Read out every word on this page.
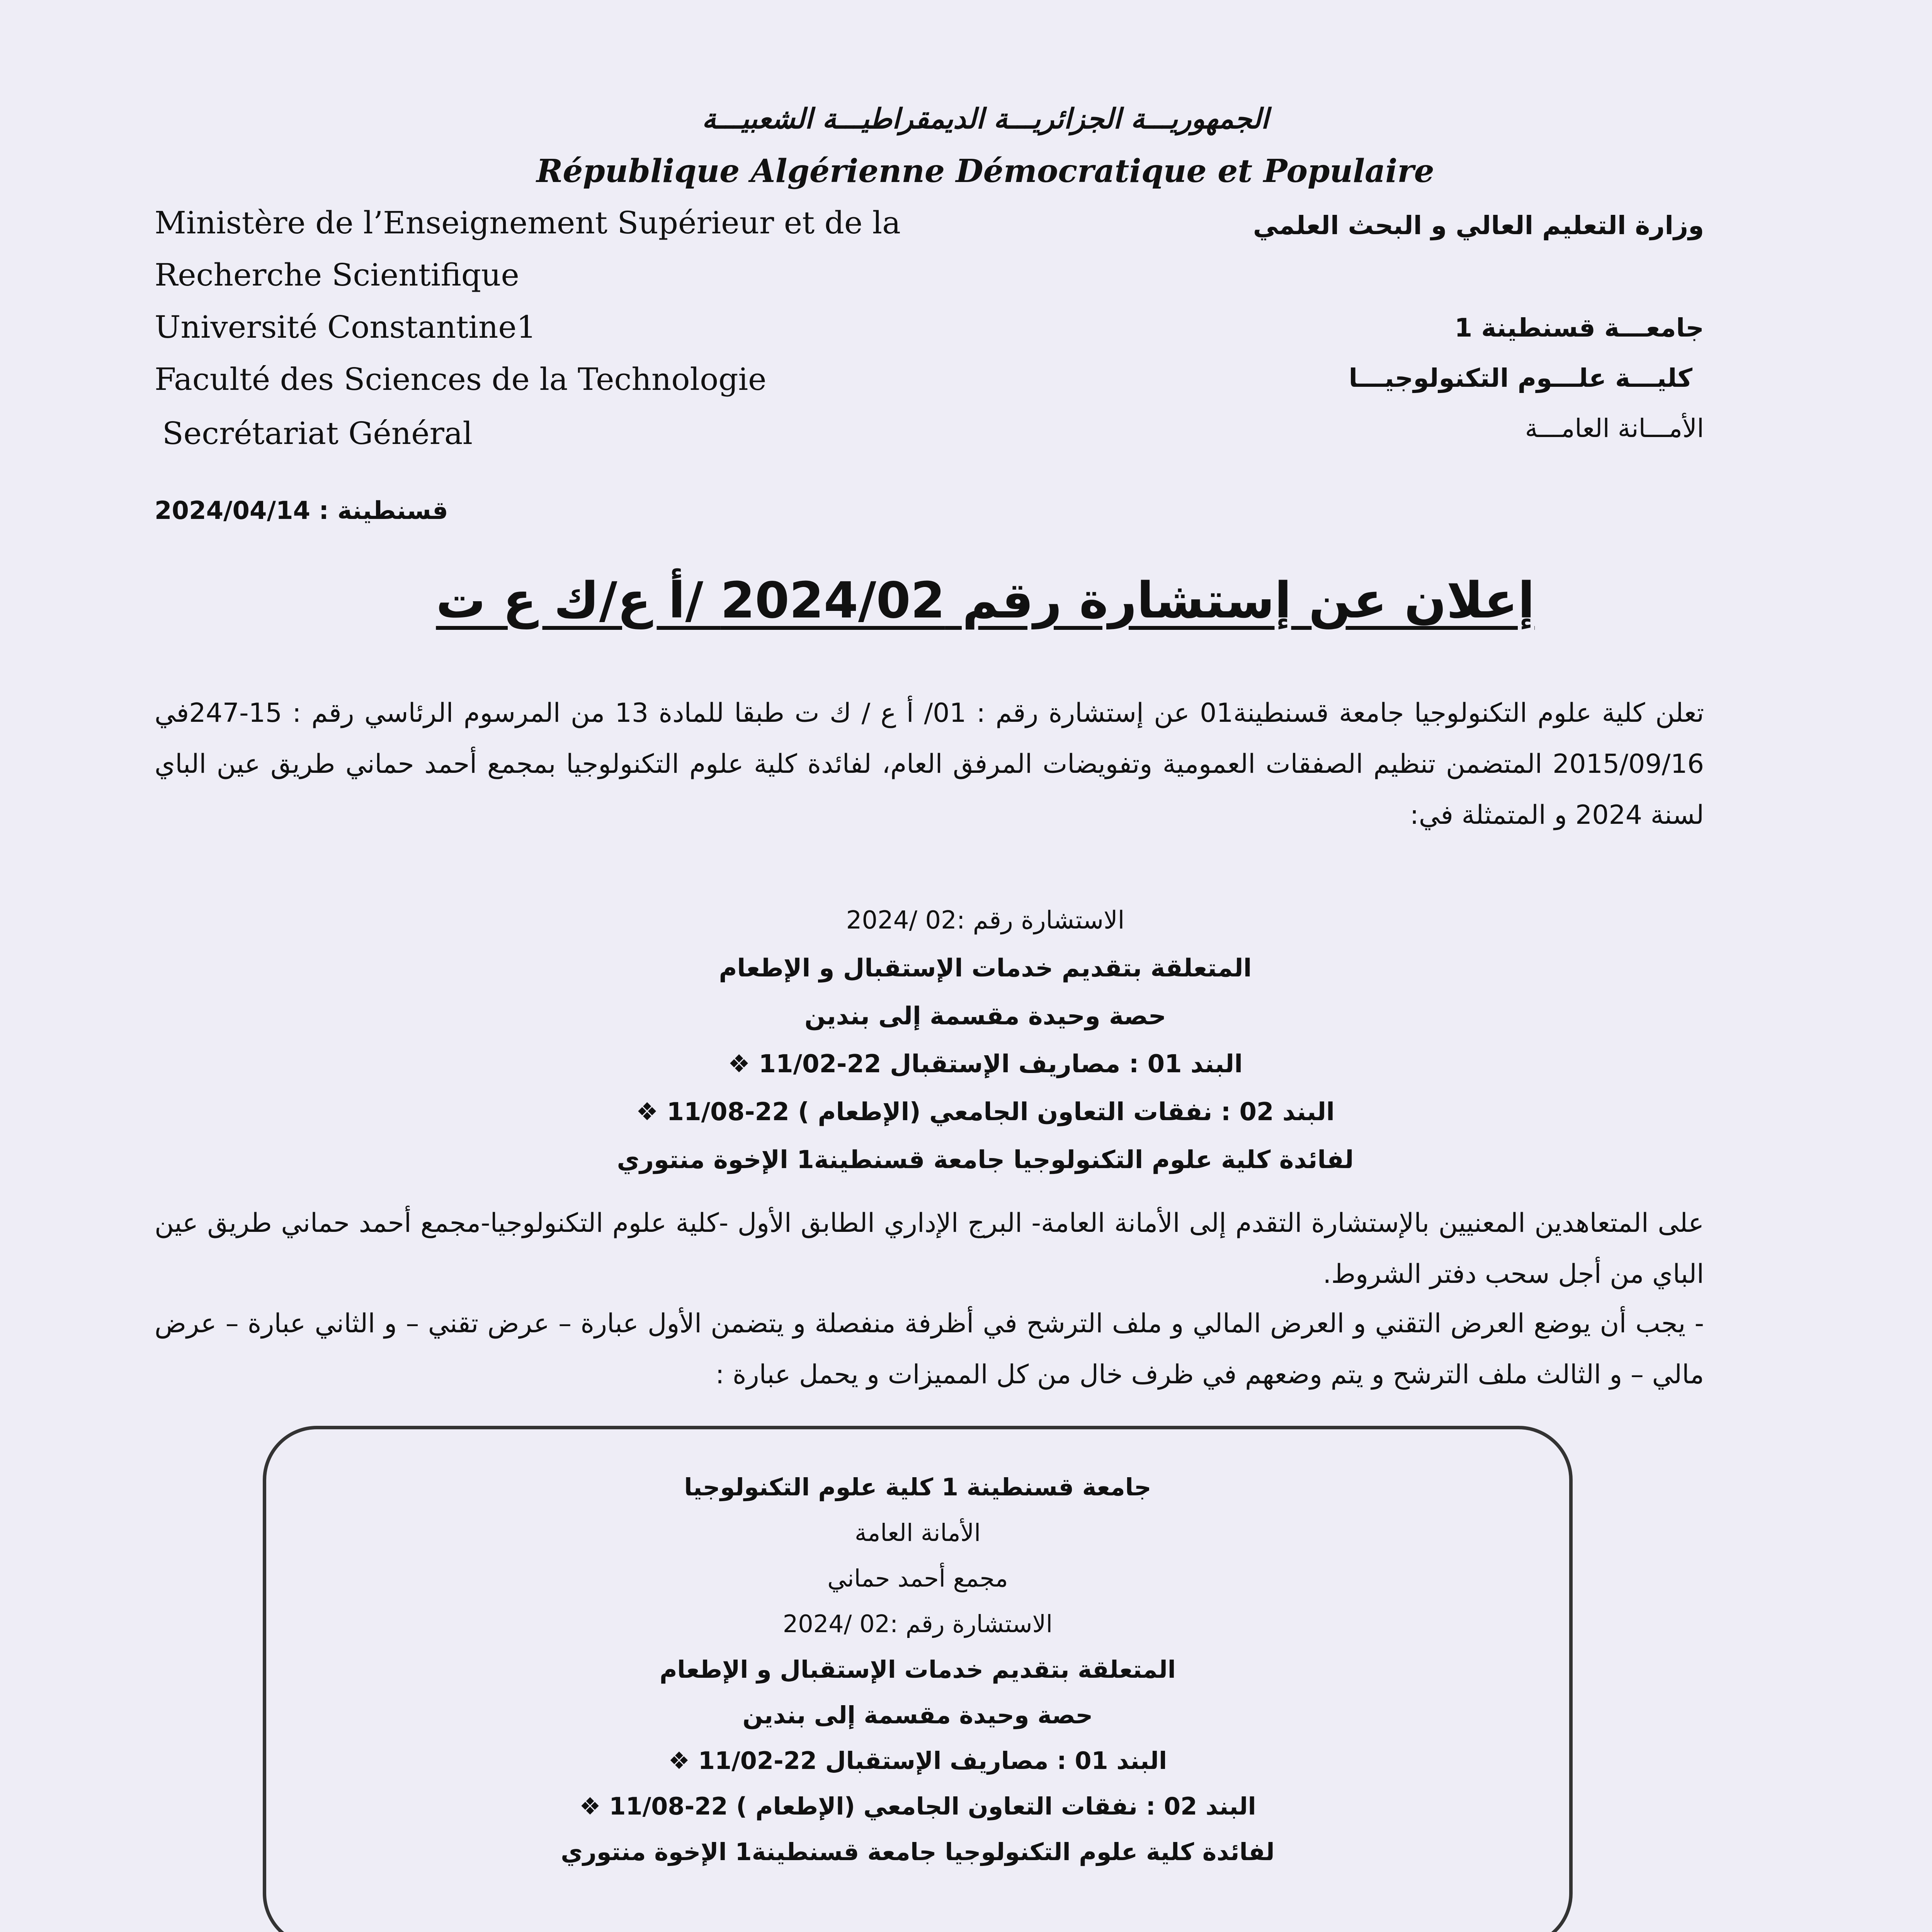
الجمهوريـــة الجزائريـــة الديمقراطيـــة الشعبيـــة
République Algérienne Démocratique et Populaire
Ministère de l’Enseignement Supérieur et de la
Recherche Scientifique
Université Constantine1
Faculté des Sciences de la Technologie
Secrétariat Général
وزارة التعليم العالي و البحث العلمي
جامعـــة قسنطينة 1
كليـــة علـــوم التكنولوجيـــا
الأمـــانة العامـــة
قسنطينة : 2024/04/14
إعلان عن إستشارة رقم 2024/02 /أ ع/ك ع ت
تعلن كلية علوم التكنولوجيا جامعة قسنطينة01 عن إستشارة رقم : 01/ أ ع / ك ت طبقا للمادة 13 من المرسوم الرئاسي رقم : 15-247في 2015/09/16 المتضمن تنظيم الصفقات العمومية وتفويضات المرفق العام، لفائدة كلية علوم التكنولوجيا بمجمع أحمد حماني طريق عين الباي لسنة 2024 و المتمثلة في:
الاستشارة رقم :02 /2024
المتعلقة بتقديم خدمات الإستقبال و الإطعام
حصة وحيدة مقسمة إلى بندين
البند 01 : مصاريف الإستقبال 22-11/02 ❖
البند 02 : نفقات التعاون الجامعي (الإطعام ) 22-11/08 ❖
لفائدة كلية علوم التكنولوجيا جامعة قسنطينة1 الإخوة منتوري
على المتعاهدين المعنيين بالإستشارة التقدم إلى الأمانة العامة- البرج الإداري الطابق الأول -كلية علوم التكنولوجيا-مجمع أحمد حماني طريق عين الباي من أجل سحب دفتر الشروط.
- يجب أن يوضع العرض التقني و العرض المالي و ملف الترشح في أظرفة منفصلة و يتضمن الأول عبارة – عرض تقني – و الثاني عبارة – عرض مالي – و الثالث ملف الترشح و يتم وضعهم في ظرف خال من كل المميزات و يحمل عبارة :
جامعة قسنطينة 1 كلية علوم التكنولوجيا
الأمانة العامة
مجمع أحمد حماني
الاستشارة رقم :02 /2024
المتعلقة بتقديم خدمات الإستقبال و الإطعام
حصة وحيدة مقسمة إلى بندين
البند 01 : مصاريف الإستقبال 22-11/02 ❖
البند 02 : نفقات التعاون الجامعي (الإطعام ) 22-11/08 ❖
لفائدة كلية علوم التكنولوجيا جامعة قسنطينة1 الإخوة منتوري
